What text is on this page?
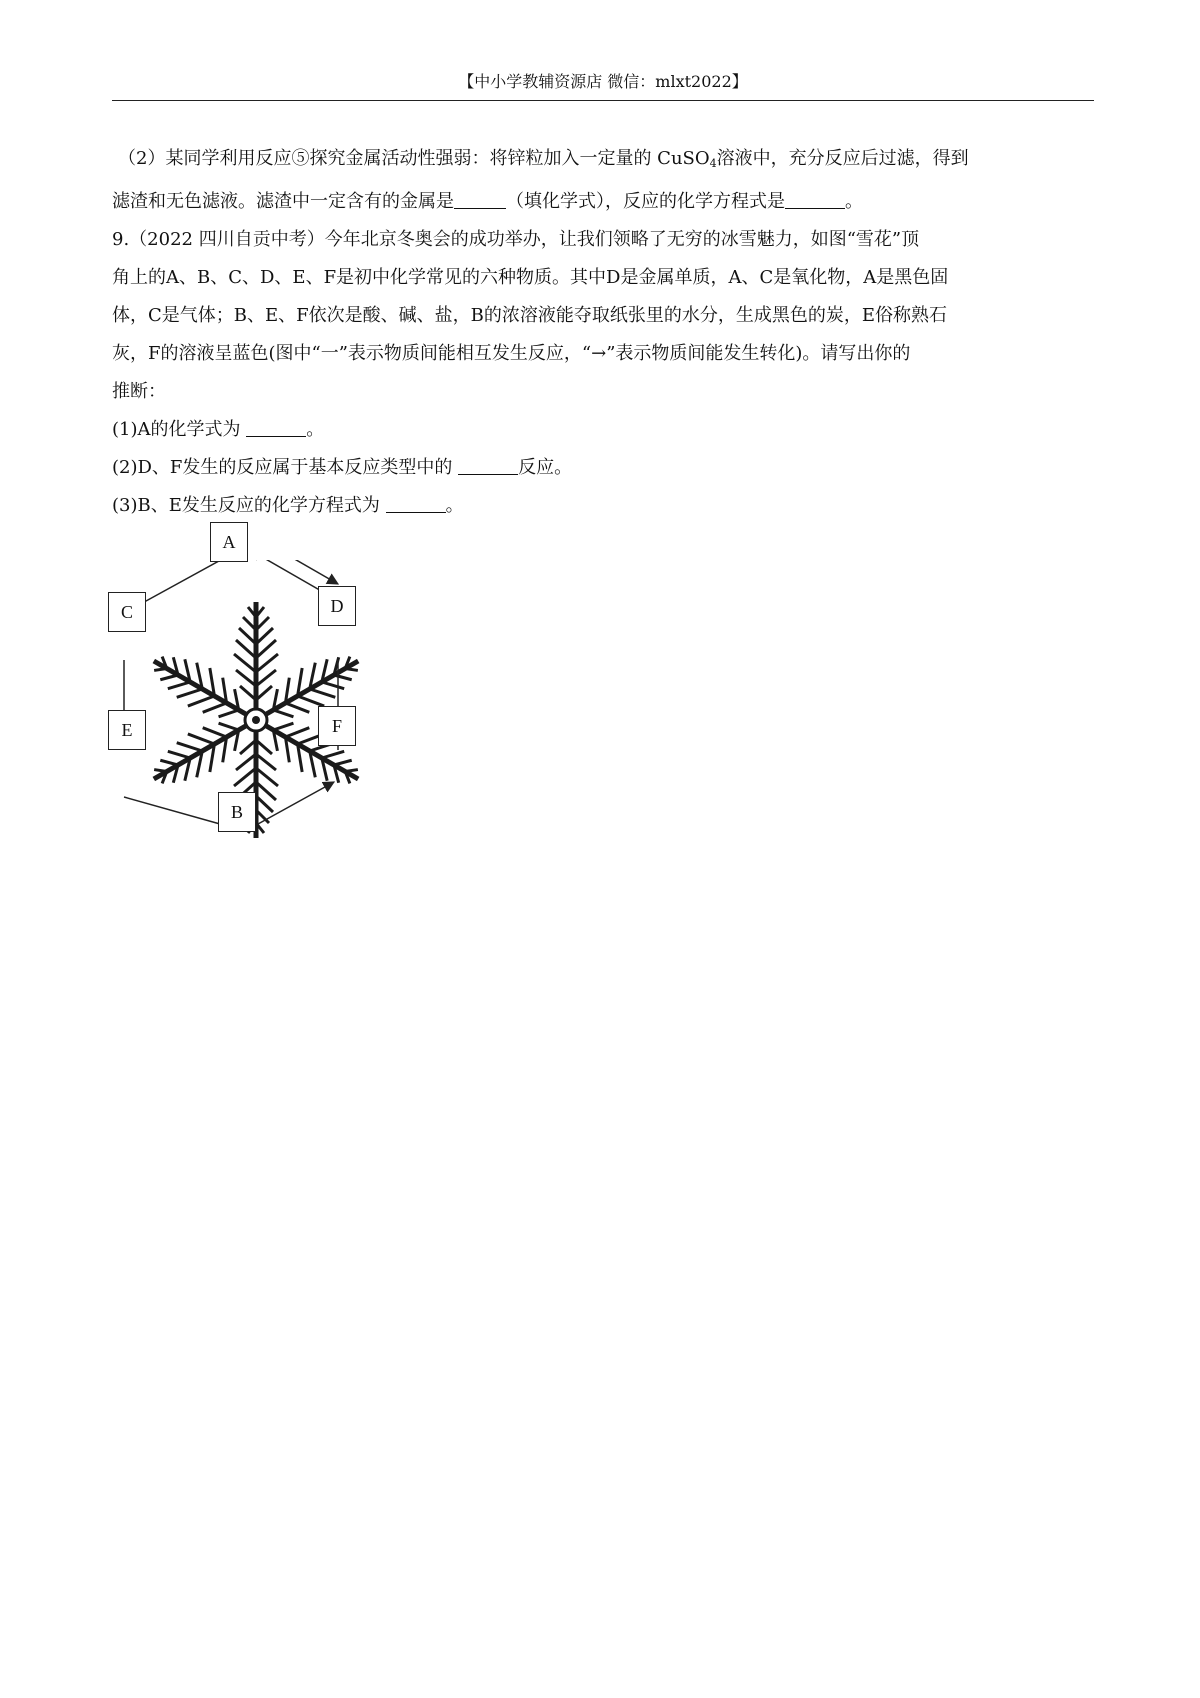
【中小学教辅资源店 微信：mlxt2022】

（2）某同学利用反应⑤探究金属活动性强弱：将锌粒加入一定量的 CuSO$_4$溶液中，充分反应后过滤，得到

滤渣和无色滤液。滤渣中一定含有的金属是	（填化学式），反应的化学方程式是	。

9.（2022 四川自贡中考）今年北京冬奥会的成功举办，让我们领略了无穷的冰雪魅力，如图“雪花”顶

角上的A、B、C、D、E、F是初中化学常见的六种物质。其中D是金属单质，A、C是氧化物，A是黑色固

体，C是气体；B、E、F依次是酸、碱、盐，B的浓溶液能夺取纸张里的水分，生成黑色的炭，E俗称熟石

灰，F的溶液呈蓝色(图中“一”表示物质间能相互发生反应，“→”表示物质间能发生转化)。请写出你的

推断：

(1)A的化学式为	。

(2)D、F发生的反应属于基本反应类型中的	反应。

(3)B、E发生反应的化学方程式为	。

A
C	D
E	F
B
